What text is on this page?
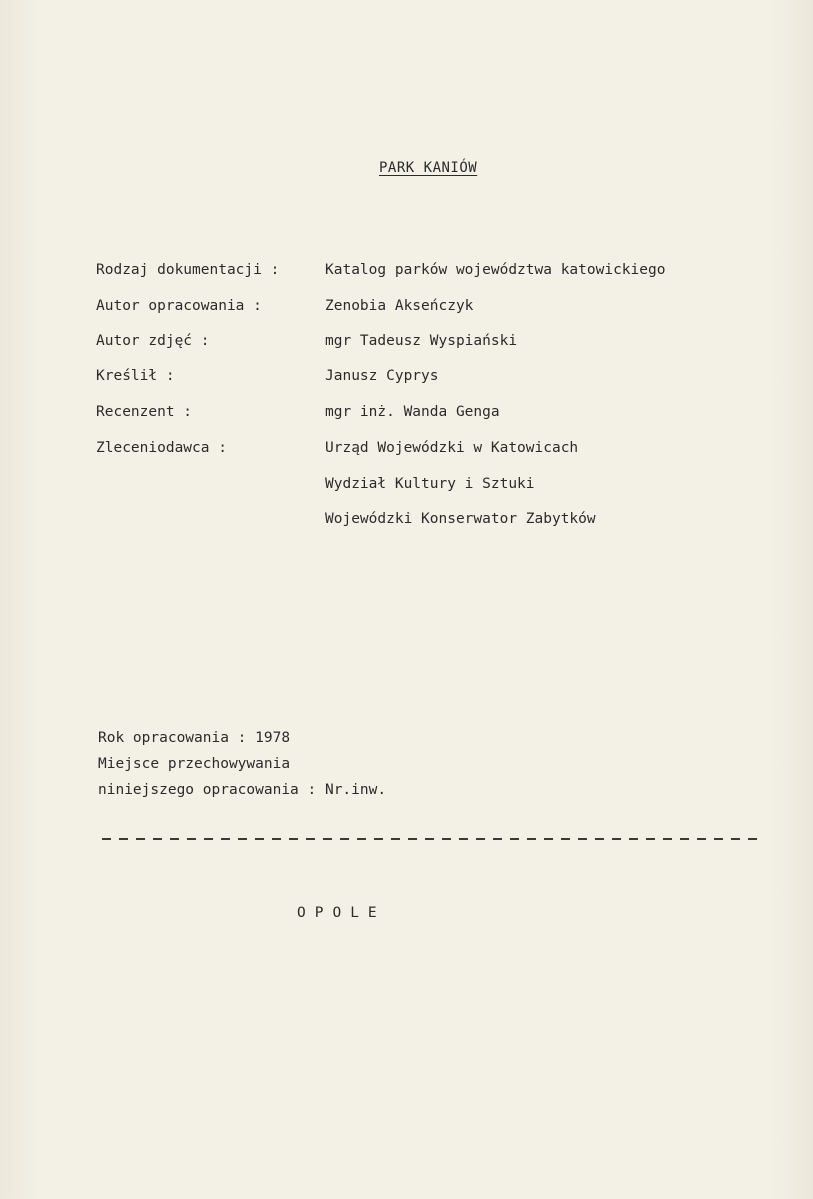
PARK KANIÓW
Rodzaj dokumentacji :	Katalog parków województwa katowickiego
Autor opracowania :	Zenobia Akseńczyk
Autor zdjęć :	mgr Tadeusz Wyspiański
Kreślił :	Janusz Cyprys
Recenzent :	mgr inż. Wanda Genga
Zleceniodawca :	Urząd Wojewódzki w Katowicach
Wydział Kultury i Sztuki
Wojewódzki Konserwator Zabytków
Rok opracowania : 1978
Miejsce przechowywania
niniejszego opracowania : Nr.inw.
OPOLE
